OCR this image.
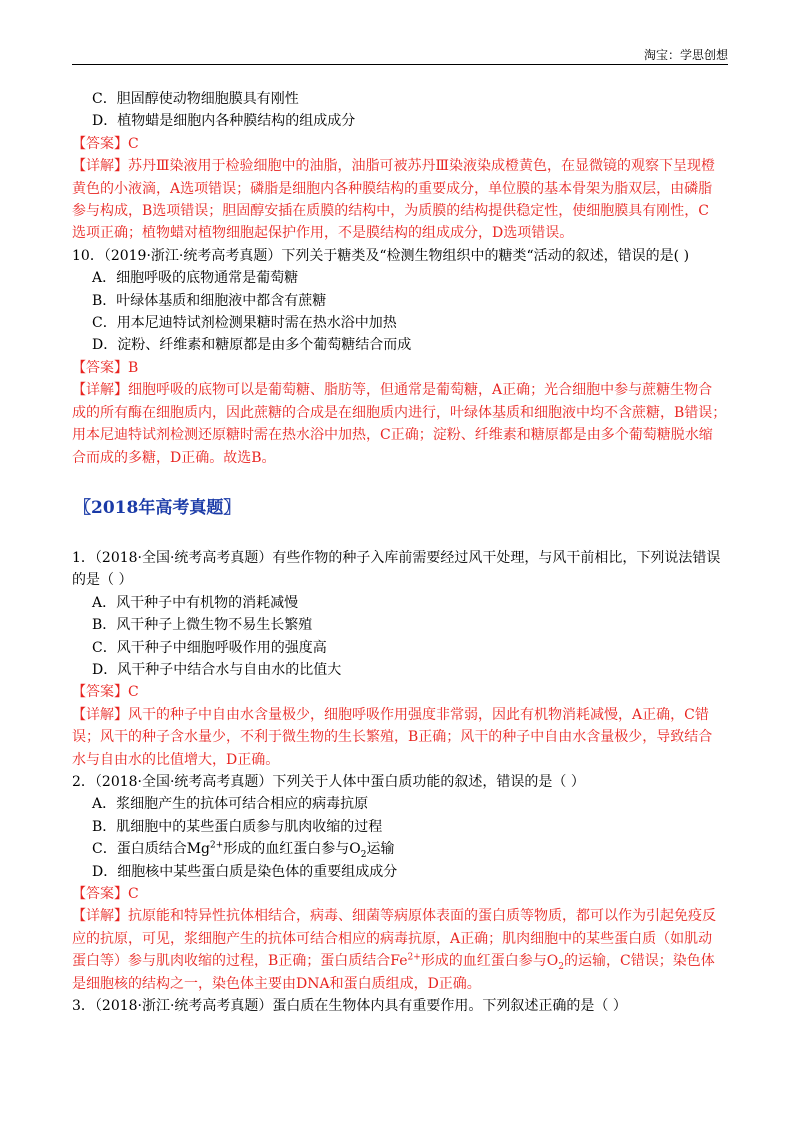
淘宝：学思创想
C．胆固醇使动物细胞膜具有刚性
D．植物蜡是细胞内各种膜结构的组成成分
【答案】C
【详解】苏丹Ⅲ染液用于检验细胞中的油脂，油脂可被苏丹Ⅲ染液染成橙黄色，在显微镜的观察下呈现橙
黄色的小液滴，A选项错误；磷脂是细胞内各种膜结构的重要成分，单位膜的基本骨架为脂双层，由磷脂
参与构成，B选项错误；胆固醇安插在质膜的结构中，为质膜的结构提供稳定性，使细胞膜具有刚性，C
选项正确；植物蜡对植物细胞起保护作用，不是膜结构的组成成分，D选项错误。
10．（2019·浙江·统考高考真题）下列关于糖类及“检测生物组织中的糖类“活动的叙述，错误的是( )
A．细胞呼吸的底物通常是葡萄糖
B．叶绿体基质和细胞液中都含有蔗糖
C．用本尼迪特试剂检测果糖时需在热水浴中加热
D．淀粉、纤维素和糖原都是由多个葡萄糖结合而成
【答案】B
【详解】细胞呼吸的底物可以是葡萄糖、脂肪等，但通常是葡萄糖，A正确；光合细胞中参与蔗糖生物合
成的所有酶在细胞质内，因此蔗糖的合成是在细胞质内进行，叶绿体基质和细胞液中均不含蔗糖，B错误；
用本尼迪特试剂检测还原糖时需在热水浴中加热，C正确；淀粉、纤维素和糖原都是由多个葡萄糖脱水缩
合而成的多糖，D正确。故选B。
〖2018年高考真题〗
1．（2018·全国·统考高考真题）有些作物的种子入库前需要经过风干处理，与风干前相比，下列说法错误
的是（ ）
A．风干种子中有机物的消耗减慢
B．风干种子上微生物不易生长繁殖
C．风干种子中细胞呼吸作用的强度高
D．风干种子中结合水与自由水的比值大
【答案】C
【详解】风干的种子中自由水含量极少，细胞呼吸作用强度非常弱，因此有机物消耗减慢，A正确，C错
误；风干的种子含水量少，不利于微生物的生长繁殖，B正确；风干的种子中自由水含量极少，导致结合
水与自由水的比值增大，D正确。
2．（2018·全国·统考高考真题）下列关于人体中蛋白质功能的叙述，错误的是（ ）
A．浆细胞产生的抗体可结合相应的病毒抗原
B．肌细胞中的某些蛋白质参与肌肉收缩的过程
C．蛋白质结合$Mg^{2+}$形成的血红蛋白参与$O_2$运输
D．细胞核中某些蛋白质是染色体的重要组成成分
【答案】C
【详解】抗原能和特异性抗体相结合，病毒、细菌等病原体表面的蛋白质等物质，都可以作为引起免疫反
应的抗原，可见，浆细胞产生的抗体可结合相应的病毒抗原，A正确；肌肉细胞中的某些蛋白质（如肌动
蛋白等）参与肌肉收缩的过程，B正确；蛋白质结合$Fe^{2+}$形成的血红蛋白参与$O_2$的运输，C错误；染色体
是细胞核的结构之一，染色体主要由DNA和蛋白质组成，D正确。
3．（2018·浙江·统考高考真题）蛋白质在生物体内具有重要作用。下列叙述正确的是（ ）
